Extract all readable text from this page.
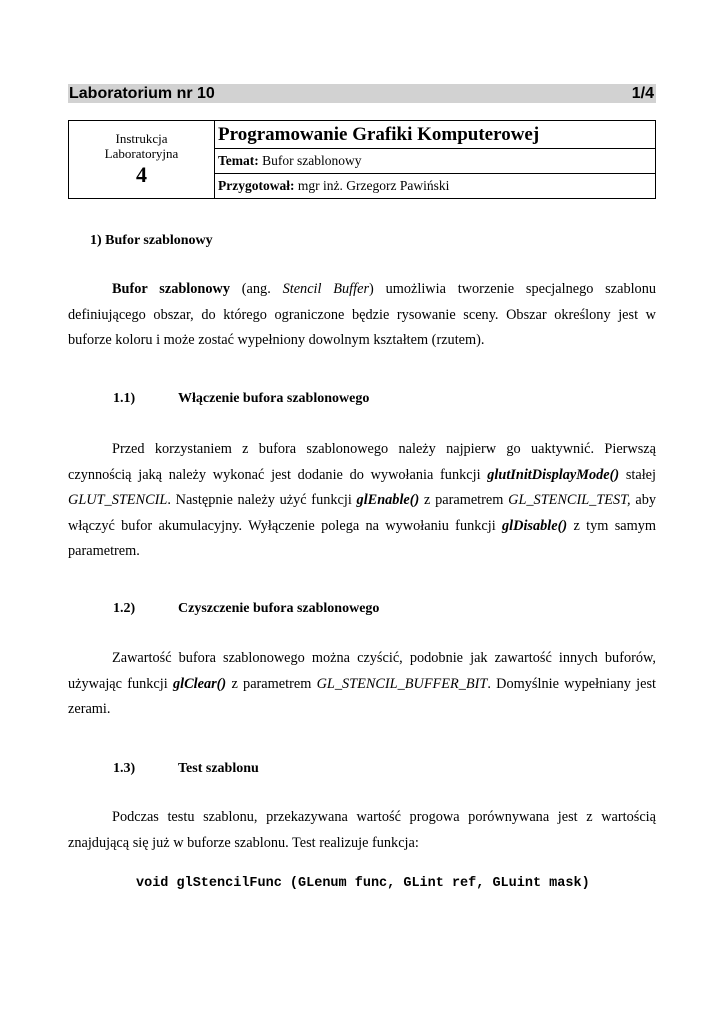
Laboratorium nr 10	1/4
Instrukcja
Laboratoryjna
4
	Programowanie Grafiki Komputerowej
Temat: Bufor szablonowy
Przygotował: mgr inż. Grzegorz Pawiński
1) Bufor szablonowy
Bufor szablonowy (ang. Stencil Buffer) umożliwia tworzenie specjalnego szablonu definiującego obszar, do którego ograniczone będzie rysowanie sceny. Obszar określony jest w buforze koloru i może zostać wypełniony dowolnym kształtem (rzutem).
1.1)	Włączenie bufora szablonowego
Przed korzystaniem z bufora szablonowego należy najpierw go uaktywnić. Pierwszą czynnością jaką należy wykonać jest dodanie do wywołania funkcji glutInitDisplayMode() stałej GLUT_STENCIL. Następnie należy użyć funkcji glEnable() z parametrem GL_STENCIL_TEST, aby włączyć bufor akumulacyjny. Wyłączenie polega na wywołaniu funkcji glDisable() z tym samym parametrem.
1.2)	Czyszczenie bufora szablonowego
Zawartość bufora szablonowego można czyścić, podobnie jak zawartość innych buforów, używając funkcji glClear() z parametrem GL_STENCIL_BUFFER_BIT. Domyślnie wypełniany jest zerami.
1.3)	Test szablonu
Podczas testu szablonu, przekazywana wartość progowa porównywana jest z wartością znajdującą się już w buforze szablonu. Test realizuje funkcja:
void glStencilFunc (GLenum func, GLint ref, GLuint mask)
